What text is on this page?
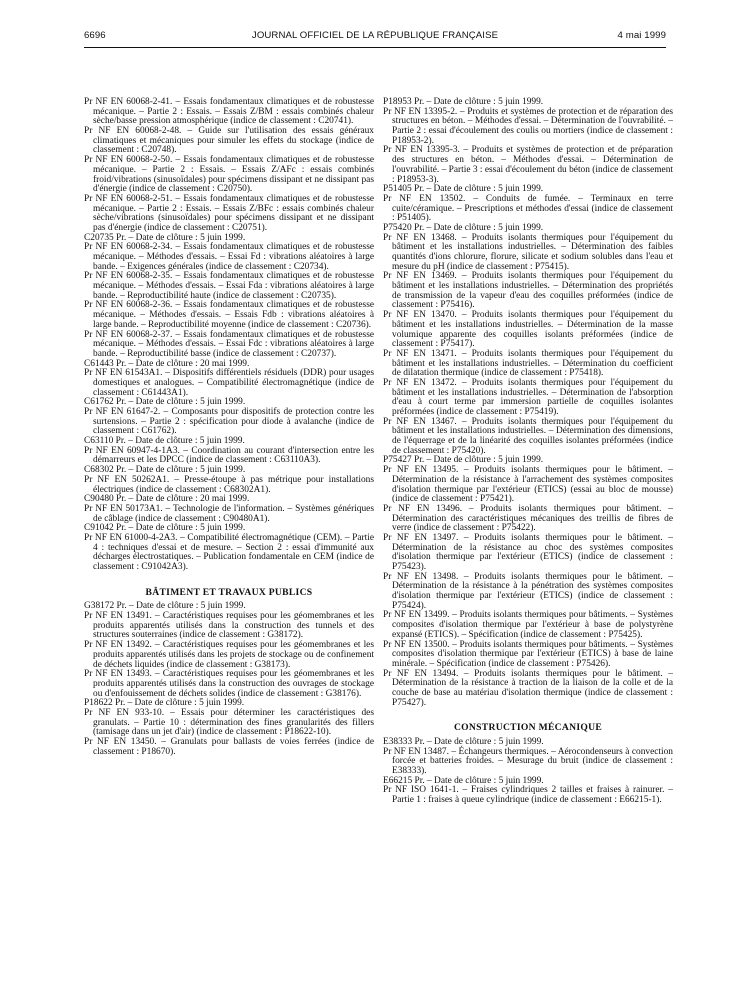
6696	JOURNAL OFFICIEL DE LA RÉPUBLIQUE FRANÇAISE	4 mai 1999

Pr NF EN 60068-2-41. – Essais fondamentaux climatiques et de robustesse mécanique. – Partie 2 : Essais. – Essais Z/BM : essais combinés chaleur sèche/basse pression atmosphérique (indice de classement : C20741).

Pr NF EN 60068-2-48. – Guide sur l'utilisation des essais généraux climatiques et mécaniques pour simuler les effets du stockage (indice de classement : C20748).

Pr NF EN 60068-2-50. – Essais fondamentaux climatiques et de robustesse mécanique. – Partie 2 : Essais. – Essais Z/AFc : essais combinés froid/vibrations (sinusoïdales) pour spécimens dissipant et ne dissipant pas d'énergie (indice de classement : C20750).

Pr NF EN 60068-2-51. – Essais fondamentaux climatiques et de robustesse mécanique. – Partie 2 : Essais. – Essais Z/BFc : essais combinés chaleur sèche/vibrations (sinusoïdales) pour spécimens dissipant et ne dissipant pas d'énergie (indice de classement : C20751).

C20735 Pr. – Date de clôture : 5 juin 1999.

Pr NF EN 60068-2-34. – Essais fondamentaux climatiques et de robustesse mécanique. – Méthodes d'essais. – Essai Fd : vibrations aléatoires à large bande. – Exigences générales (indice de classement : C20734).

Pr NF EN 60068-2-35. – Essais fondamentaux climatiques et de robustesse mécanique. – Méthodes d'essais. – Essai Fda : vibrations aléatoires à large bande. – Reproductibilité haute (indice de classement : C20735).

Pr NF EN 60068-2-36. – Essais fondamentaux climatiques et de robustesse mécanique. – Méthodes d'essais. – Essais Fdb : vibrations aléatoires à large bande. – Reproductibilité moyenne (indice de classement : C20736).

Pr NF EN 60068-2-37. – Essais fondamentaux climatiques et de robustesse mécanique. – Méthodes d'essais. – Essai Fdc : vibrations aléatoires à large bande. – Reproductibilité basse (indice de classement : C20737).

C61443 Pr. – Date de clôture : 20 mai 1999.

Pr NF EN 61543A1. – Dispositifs différentiels résiduels (DDR) pour usages domestiques et analogues. – Compatibilité électromagnétique (indice de classement : C61443A1).

C61762 Pr. – Date de clôture : 5 juin 1999.

Pr NF EN 61647-2. – Composants pour dispositifs de protection contre les surtensions. – Partie 2 : spécification pour diode à avalanche (indice de classement : C61762).

C63110 Pr. – Date de clôture : 5 juin 1999.

Pr NF EN 60947-4-1A3. – Coordination au courant d'intersection entre les démarreurs et les DPCC (indice de classement : C63110A3).

C68302 Pr. – Date de clôture : 5 juin 1999.

Pr NF EN 50262A1. – Presse-étoupe à pas métrique pour installations électriques (indice de classement : C68302A1).

C90480 Pr. – Date de clôture : 20 mai 1999.

Pr NF EN 50173A1. – Technologie de l'information. – Systèmes génériques de câblage (indice de classement : C90480A1).

C91042 Pr. – Date de clôture : 5 juin 1999.

Pr NF EN 61000-4-2A3. – Compatibilité électromagnétique (CEM). – Partie 4 : techniques d'essai et de mesure. – Section 2 : essai d'immunité aux décharges électrostatiques. – Publication fondamentale en CEM (indice de classement : C91042A3).

BÂTIMENT ET TRAVAUX PUBLICS

G38172 Pr. – Date de clôture : 5 juin 1999.

Pr NF EN 13491. – Caractéristiques requises pour les géomembranes et les produits apparentés utilisés dans la construction des tunnels et des structures souterraines (indice de classement : G38172).

Pr NF EN 13492. – Caractéristiques requises pour les géomembranes et les produits apparentés utilisés dans les projets de stockage ou de confinement de déchets liquides (indice de classement : G38173).

Pr NF EN 13493. – Caractéristiques requises pour les géomembranes et les produits apparentés utilisés dans la construction des ouvrages de stockage ou d'enfouissement de déchets solides (indice de classement : G38176).

P18622 Pr. – Date de clôture : 5 juin 1999.

Pr NF EN 933-10. – Essais pour déterminer les caractéristiques des granulats. – Partie 10 : détermination des fines granularités des fillers (tamisage dans un jet d'air) (indice de classement : P18622-10).

Pr NF EN 13450. – Granulats pour ballasts de voies ferrées (indice de classement : P18670).

P18953 Pr. – Date de clôture : 5 juin 1999.

Pr NF EN 13395-2. – Produits et systèmes de protection et de réparation des structures en béton. – Méthodes d'essai. – Détermination de l'ouvrabilité. – Partie 2 : essai d'écoulement des coulis ou mortiers (indice de classement : P18953-2).

Pr NF EN 13395-3. – Produits et systèmes de protection et de préparation des structures en béton. – Méthodes d'essai. – Détermination de l'ouvrabilité. – Partie 3 : essai d'écoulement du béton (indice de classement : P18953-3).

P51405 Pr. – Date de clôture : 5 juin 1999.

Pr NF EN 13502. – Conduits de fumée. – Terminaux en terre cuite/céramique. – Prescriptions et méthodes d'essai (indice de classement : P51405).

P75420 Pr. – Date de clôture : 5 juin 1999.

Pr NF EN 13468. – Produits isolants thermiques pour l'équipement du bâtiment et les installations industrielles. – Détermination des faibles quantités d'ions chlorure, florure, silicate et sodium solubles dans l'eau et mesure du pH (indice de classement : P75415).

Pr NF EN 13469. – Produits isolants thermiques pour l'équipement du bâtiment et les installations industrielles. – Détermination des propriétés de transmission de la vapeur d'eau des coquilles préformées (indice de classement : P75416).

Pr NF EN 13470. – Produits isolants thermiques pour l'équipement du bâtiment et les installations industrielles. – Détermination de la masse volumique apparente des coquilles isolants préformées (indice de classement : P75417).

Pr NF EN 13471. – Produits isolants thermiques pour l'équipement du bâtiment et les installations industrielles. – Détermination du coefficient de dilatation thermique (indice de classement : P75418).

Pr NF EN 13472. – Produits isolants thermiques pour l'équipement du bâtiment et les installations industrielles. – Détermination de l'absorption d'eau à court terme par immersion partielle de coquilles isolantes préformées (indice de classement : P75419).

Pr NF EN 13467. – Produits isolants thermiques pour l'équipement du bâtiment et les installations industrielles. – Détermination des dimensions, de l'équerrage et de la linéarité des coquilles isolantes préformées (indice de classement : P75420).

P75427 Pr. – Date de clôture : 5 juin 1999.

Pr NF EN 13495. – Produits isolants thermiques pour le bâtiment. – Détermination de la résistance à l'arrachement des systèmes composites d'isolation thermique par l'extérieur (ETICS) (essai au bloc de mousse) (indice de classement : P75421).

Pr NF EN 13496. – Produits isolants thermiques pour bâtiment. – Détermination des caractéristiques mécaniques des treillis de fibres de verre (indice de classement : P75422).

Pr NF EN 13497. – Produits isolants thermiques pour le bâtiment. – Détermination de la résistance au choc des systèmes composites d'isolation thermique par l'extérieur (ETICS) (indice de classement : P75423).

Pr NF EN 13498. – Produits isolants thermiques pour le bâtiment. – Détermination de la résistance à la pénétration des systèmes composites d'isolation thermique par l'extérieur (ETICS) (indice de classement : P75424).

Pr NF EN 13499. – Produits isolants thermiques pour bâtiments. – Systèmes composites d'isolation thermique par l'extérieur à base de polystyrène expansé (ETICS). – Spécification (indice de classement : P75425).

Pr NF EN 13500. – Produits isolants thermiques pour bâtiments. – Systèmes composites d'isolation thermique par l'extérieur (ETICS) à base de laine minérale. – Spécification (indice de classement : P75426).

Pr NF EN 13494. – Produits isolants thermiques pour le bâtiment. – Détermination de la résistance à traction de la liaison de la colle et de la couche de base au matériau d'isolation thermique (indice de classement : P75427).

CONSTRUCTION MÉCANIQUE

E38333 Pr. – Date de clôture : 5 juin 1999.

Pr NF EN 13487. – Échangeurs thermiques. – Aérocondenseurs à convection forcée et batteries froides. – Mesurage du bruit (indice de classement : E38333).

E66215 Pr. – Date de clôture : 5 juin 1999.

Pr NF ISO 1641-1. – Fraises cylindriques 2 tailles et fraises à rainurer. – Partie 1 : fraises à queue cylindrique (indice de classement : E66215-1).
